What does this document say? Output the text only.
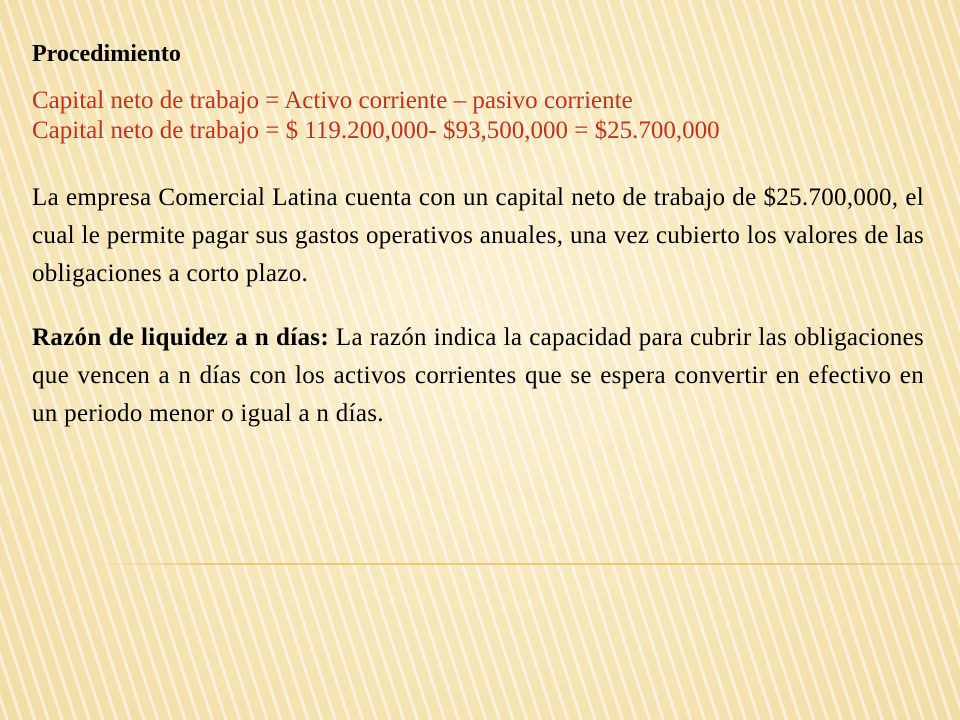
Procedimiento

Capital neto de trabajo = Activo corriente – pasivo corriente

Capital neto de trabajo = $ 119.200,000- $93,500,000 = $25.700,000

La empresa Comercial Latina cuenta con un capital neto de trabajo de $25.700,000, el cual le permite pagar sus gastos operativos anuales, una vez cubierto los valores de las obligaciones a corto plazo.

Razón de liquidez a n días: La razón indica la capacidad para cubrir las obligaciones que vencen a n días con los activos corrientes que se espera convertir en efectivo en un periodo menor o igual a n días.
